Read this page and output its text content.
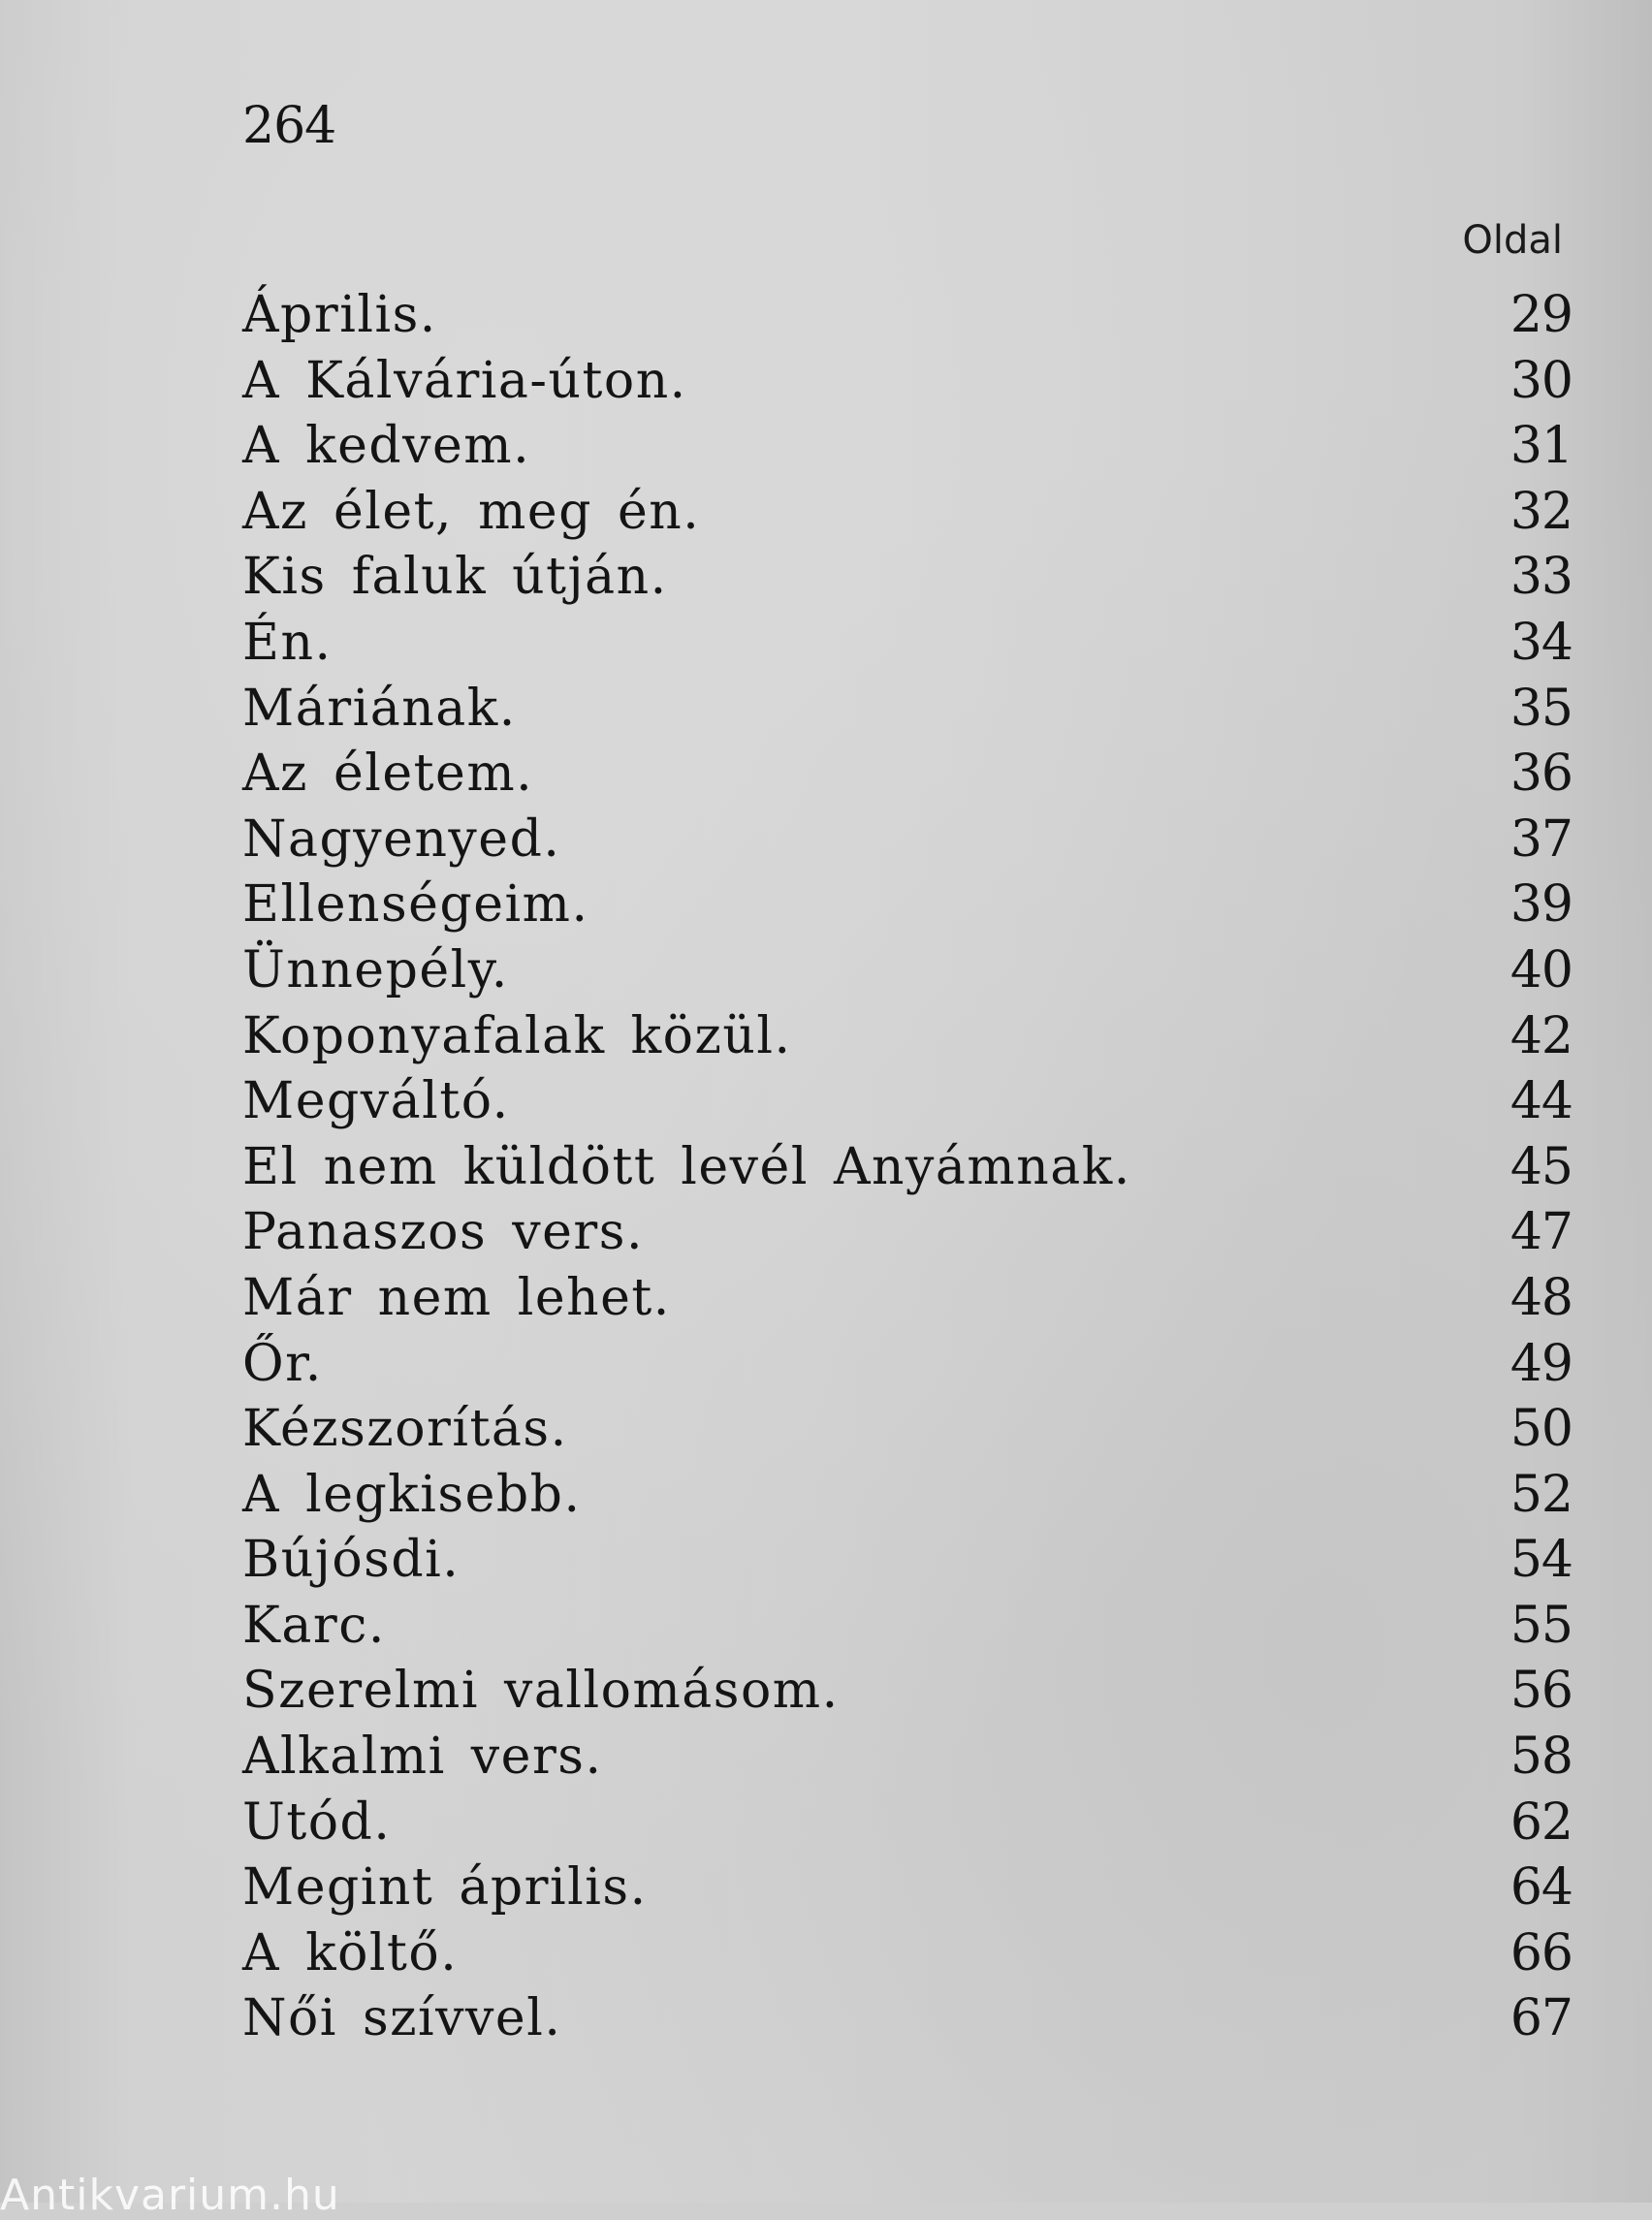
264
Oldal
Április.	29
A Kálvária-úton.	30
A kedvem.	31
Az élet, meg én.	32
Kis faluk útján.	33
Én.	34
Máriának.	35
Az életem.	36
Nagyenyed.	37
Ellenségeim.	39
Ünnepély.	40
Koponyafalak közül.	42
Megváltó.	44
El nem küldött levél Anyámnak.	45
Panaszos vers.	47
Már nem lehet.	48
Őr.	49
Kézszorítás.	50
A legkisebb.	52
Bújósdi.	54
Karc.	55
Szerelmi vallomásom.	56
Alkalmi vers.	58
Utód.	62
Megint április.	64
A költő.	66
Női szívvel.	67
Antikvarium.hu
